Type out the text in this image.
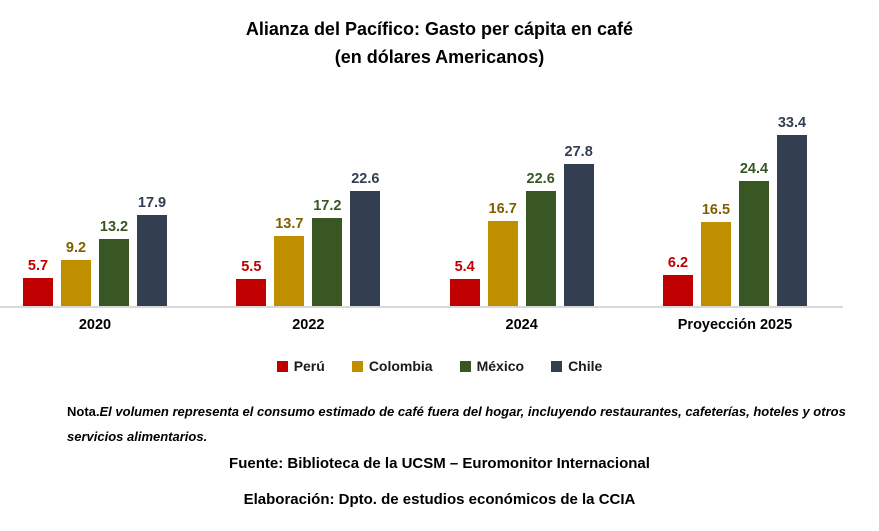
Alianza del Pacífico: Gasto per cápita en café
(en dólares Americanos)
5.7
9.2
13.2
17.9
5.5
13.7
17.2
22.6
5.4
16.7
22.6
27.8
6.2
16.5
24.4
33.4
2020	2022	2024	Proyección 2025
Perú	Colombia	México	Chile
Nota.El volumen representa el consumo estimado de café fuera del hogar, incluyendo restaurantes, cafeterías, hoteles y otros servicios alimentarios.
Fuente: Biblioteca de la UCSM – Euromonitor Internacional
Elaboración: Dpto. de estudios económicos de la CCIA
